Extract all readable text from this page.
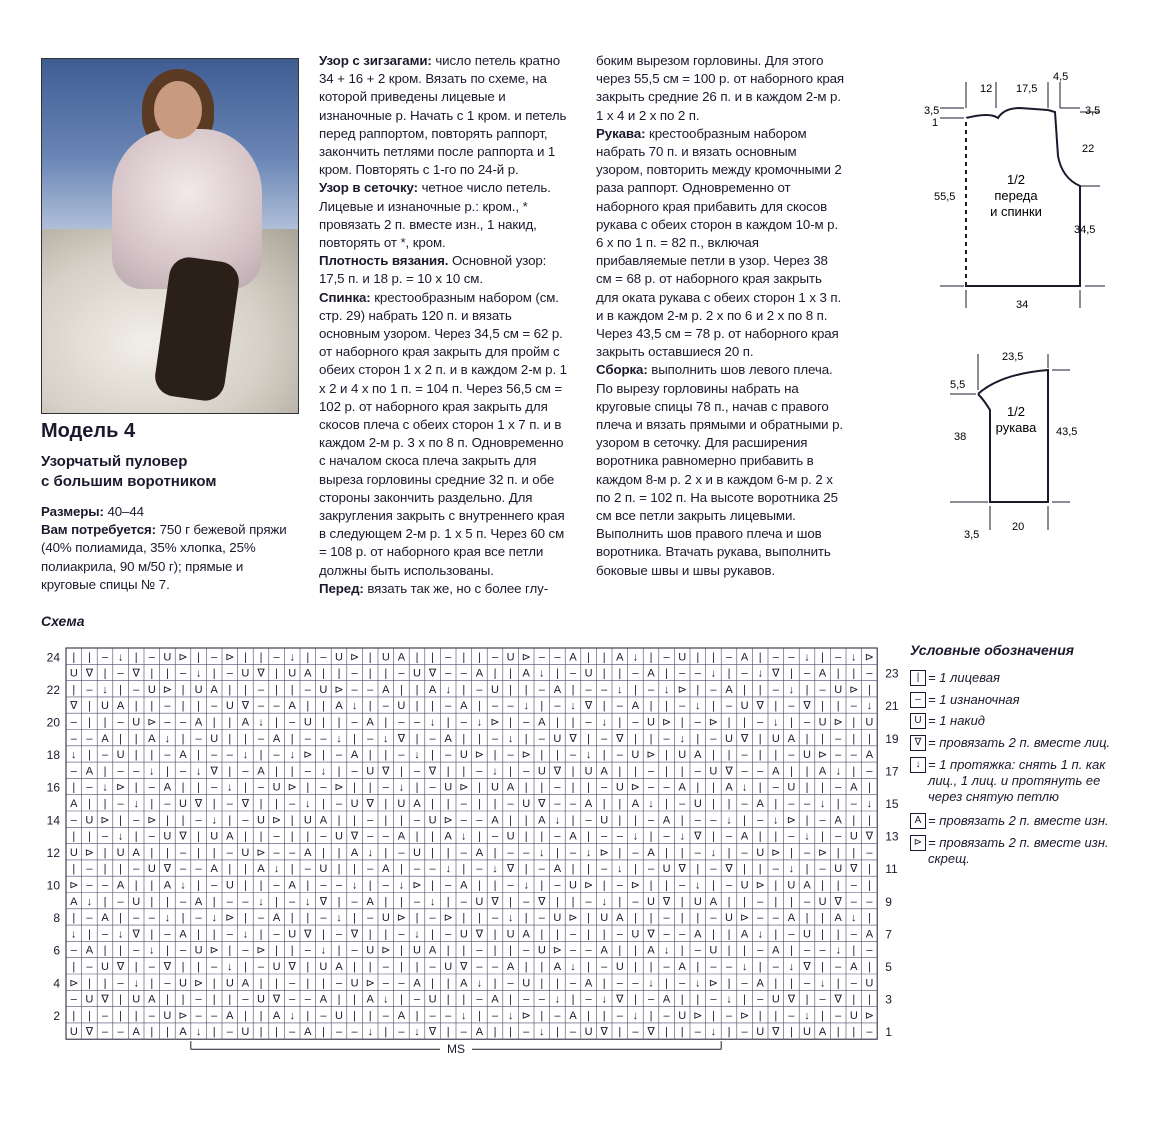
Модель 4
Узорчатый пуловер
с большим воротником

Размеры: 40–44

Вам потребуется: 750 г бежевой пряжи (40% полиамида, 35% хлопка, 25% полиакрила, 90 м/50 г); прямые и круговые спицы № 7.

Узор с зигзагами: число петель кратно 34 + 16 + 2 кром. Вязать по схеме, на которой приведены лицевые и изнаночные р. Начать с 1 кром. и петель перед раппортом, повторять раппорт, закончить петлями после раппорта и 1 кром. Повторять с 1-го по 24-й р.

Узор в сеточку: четное число петель. Лицевые и изнаночные р.: кром., * провязать 2 п. вместе изн., 1 накид, повторять от *, кром.

Плотность вязания. Основной узор: 17,5 п. и 18 р. = 10 х 10 см.

Спинка: крестообразным набором (см. стр. 29) набрать 120 п. и вязать основным узором. Через 34,5 см = 62 р. от наборного края закрыть для пройм с обеих сторон 1 х 2 п. и в каждом 2-м р. 1 х 2 и 4 х по 1 п. = 104 п. Через 56,5 см = 102 р. от наборного края закрыть для скосов плеча с обеих сторон 1 х 7 п. и в каждом 2-м р. 3 х по 8 п. Одновременно с началом скоса плеча закрыть для выреза горловины средние 32 п. и обе стороны закончить раздельно. Для закругления закрыть с внутреннего края в следующем 2-м р. 1 х 5 п. Через 60 см = 108 р. от наборного края все петли должны быть использованы.

Перед: вязать так же, но с более глу-

боким вырезом горловины. Для этого через 55,5 см = 100 р. от наборного края закрыть средние 26 п. и в каждом 2-м р. 1 х 4 и 2 х по 2 п.

Рукава: крестообразным набором набрать 70 п. и вязать основным узором, повторить между кромочными 2 раза раппорт. Одновременно от наборного края прибавить для скосов рукава с обеих сторон в каждом 10-м р. 6 х по 1 п. = 82 п., включая прибавляемые петли в узор. Через 38 см = 68 р. от наборного края закрыть для оката рукава с обеих сторон 1 х 3 п. и в каждом 2-м р. 2 х по 6 и 2 х по 8 п. Через 43,5 см = 78 р. от наборного края закрыть оставшиеся 20 п.

Сборка: выполнить шов левого плеча. По вырезу горловины набрать на круговые спицы 78 п., начав с правого плеча и вязать прямыми и обратными р. узором в сеточку. Для расширения воротника равномерно прибавить в каждом 8-м р. 2 х и в каждом 6-м р. 2 х по 2 п. = 102 п. На высоте воротника 25 см все петли закрыть лицевыми. Выполнить шов правого плеча и шов воротника. Втачать рукава, выполнить боковые швы и швы рукавов.

12 17,5
4,5
3,5
1
3,5
22
55,5
34,5
34
1/2
переда
и спинки
23,5
5,5
38	43,5
3,5
20
1/2
рукава
Схема
| | – ↓ | – U ⊳ | – ⊳ | | – ↓ | – U ⊳ | U A | | – | | – U ⊳ – – A | | A ↓ | – U | | – A | – – ↓ | – ↓ ⊳
U ∇ | – ∇ | | – ↓ | – U ∇ | U A | | – | | – U ∇ – – A | | A ↓ | – U | | – A | – – ↓ | – ↓ ∇ | – A | | –
| – ↓ | – U ⊳ | U A | | – | | – U ⊳ – – A | | A ↓ | – U | | – A | – – ↓ | – ↓ ⊳ | – A | | – ↓ | – U ⊳ |
∇ | U A | | – | | – U ∇ – – A | | A ↓ | – U | | – A | – – ↓ | – ↓ ∇ | – A | | – ↓ | – U ∇ | – ∇ | | – ↓
– | | – U ⊳ – – A | | A ↓ | – U | | – A | – – ↓ | – ↓ ⊳ | – A | | – ↓ | – U ⊳ | – ⊳ | | – ↓ | – U ⊳ | U
– – A | | A ↓ | – U | | – A | – – ↓ | – ↓ ∇ | – A | | – ↓ | – U ∇ | – ∇ | | – ↓ | – U ∇ | U A | | – | |
↓ | – U | | – A | – – ↓ | – ↓ ⊳ | – A | | – ↓ | – U ⊳ | – ⊳ | | – ↓ | – U ⊳ | U A | | – | | – U ⊳ – – A
– A | – – ↓ | – ↓ ∇ | – A | | – ↓ | – U ∇ | – ∇ | | – ↓ | – U ∇ | U A | | – | | – U ∇ – – A | | A ↓ | –
| – ↓ ⊳ | – A | | – ↓ | – U ⊳ | – ⊳ | | – ↓ | – U ⊳ | U A | | – | | – U ⊳ – – A | | A ↓ | – U | | – A |
A | | – ↓ | – U ∇ | – ∇ | | – ↓ | – U ∇ | U A | | – | | – U ∇ – – A | | A ↓ | – U | | – A | – – ↓ | – ↓
– U ⊳ | – ⊳ | | – ↓ | – U ⊳ | U A | | – | | – U ⊳ – – A | | A ↓ | – U | | – A | – – ↓ | – ↓ ⊳ | – A | |
| | – ↓ | – U ∇ | U A | | – | | – U ∇ – – A | | A ↓ | – U | | – A | – – ↓ | – ↓ ∇ | – A | | – ↓ | – U ∇
U ⊳ | U A | | – | | – U ⊳ – – A | | A ↓ | – U | | – A | – – ↓ | – ↓ ⊳ | – A | | – ↓ | – U ⊳ | – ⊳ | | –
| – | | – U ∇ – – A | | A ↓ | – U | | – A | – – ↓ | – ↓ ∇ | – A | | – ↓ | – U ∇ | – ∇ | | – ↓ | – U ∇ |
⊳ – – A | | A ↓ | – U | | – A | – – ↓ | – ↓ ⊳ | – A | | – ↓ | – U ⊳ | – ⊳ | | – ↓ | – U ⊳ | U A | | – |
A ↓ | – U | | – A | – – ↓ | – ↓ ∇ | – A | | – ↓ | – U ∇ | – ∇ | | – ↓ | – U ∇ | U A | | – | | – U ∇ – –
| – A | – – ↓ | – ↓ ⊳ | – A | | – ↓ | – U ⊳ | – ⊳ | | – ↓ | – U ⊳ | U A | | – | | – U ⊳ – – A | | A ↓ |
↓ | – ↓ ∇ | – A | | – ↓ | – U ∇ | – ∇ | | – ↓ | – U ∇ | U A | | – | | – U ∇ – – A | | A ↓ | – U | | – A
– A | | – ↓ | – U ⊳ | – ⊳ | | – ↓ | – U ⊳ | U A | | – | | – U ⊳ – – A | | A ↓ | – U | | – A | – – ↓ | –
| – U ∇ | – ∇ | | – ↓ | – U ∇ | U A | | – | | – U ∇ – – A | | A ↓ | – U | | – A | – – ↓ | – ↓ ∇ | – A |
⊳ | | – ↓ | – U ⊳ | U A | | – | | – U ⊳ – – A | | A ↓ | – U | | – A | – – ↓ | – ↓ ⊳ | – A | | – ↓ | – U
– U ∇ | U A | | – | | – U ∇ – – A | | A ↓ | – U | | – A | – – ↓ | – ↓ ∇ | – A | | – ↓ | – U ∇ | – ∇ | |
| | – | | – U ⊳ – – A | | A ↓ | – U | | – A | – – ↓ | – ↓ ⊳ | – A | | – ↓ | – U ⊳ | – ⊳ | | – ↓ | – U ⊳
U ∇ – – A | | A ↓ | – U | | – A | – – ↓ | – ↓ ∇ | – A | | – ↓ | – U ∇ | – ∇ | | – ↓ | – U ∇ | U A | | –
24
22
20
18
16
14
12
10
8
6
4
2
23
21
19
17
15
13
11
9
7
5
3
1
MS
Условные обозначения
| = 1 лицевая
– = 1 изнаночная
U = 1 накид
∇ = провязать 2 п. вместе лиц.
↓ = 1 протяжка: снять 1 п. как лиц., 1 лиц. и протянуть ее через снятую петлю
A = провязать 2 п. вместе изн.
⊳ = провязать 2 п. вместе изн. скрещ.
